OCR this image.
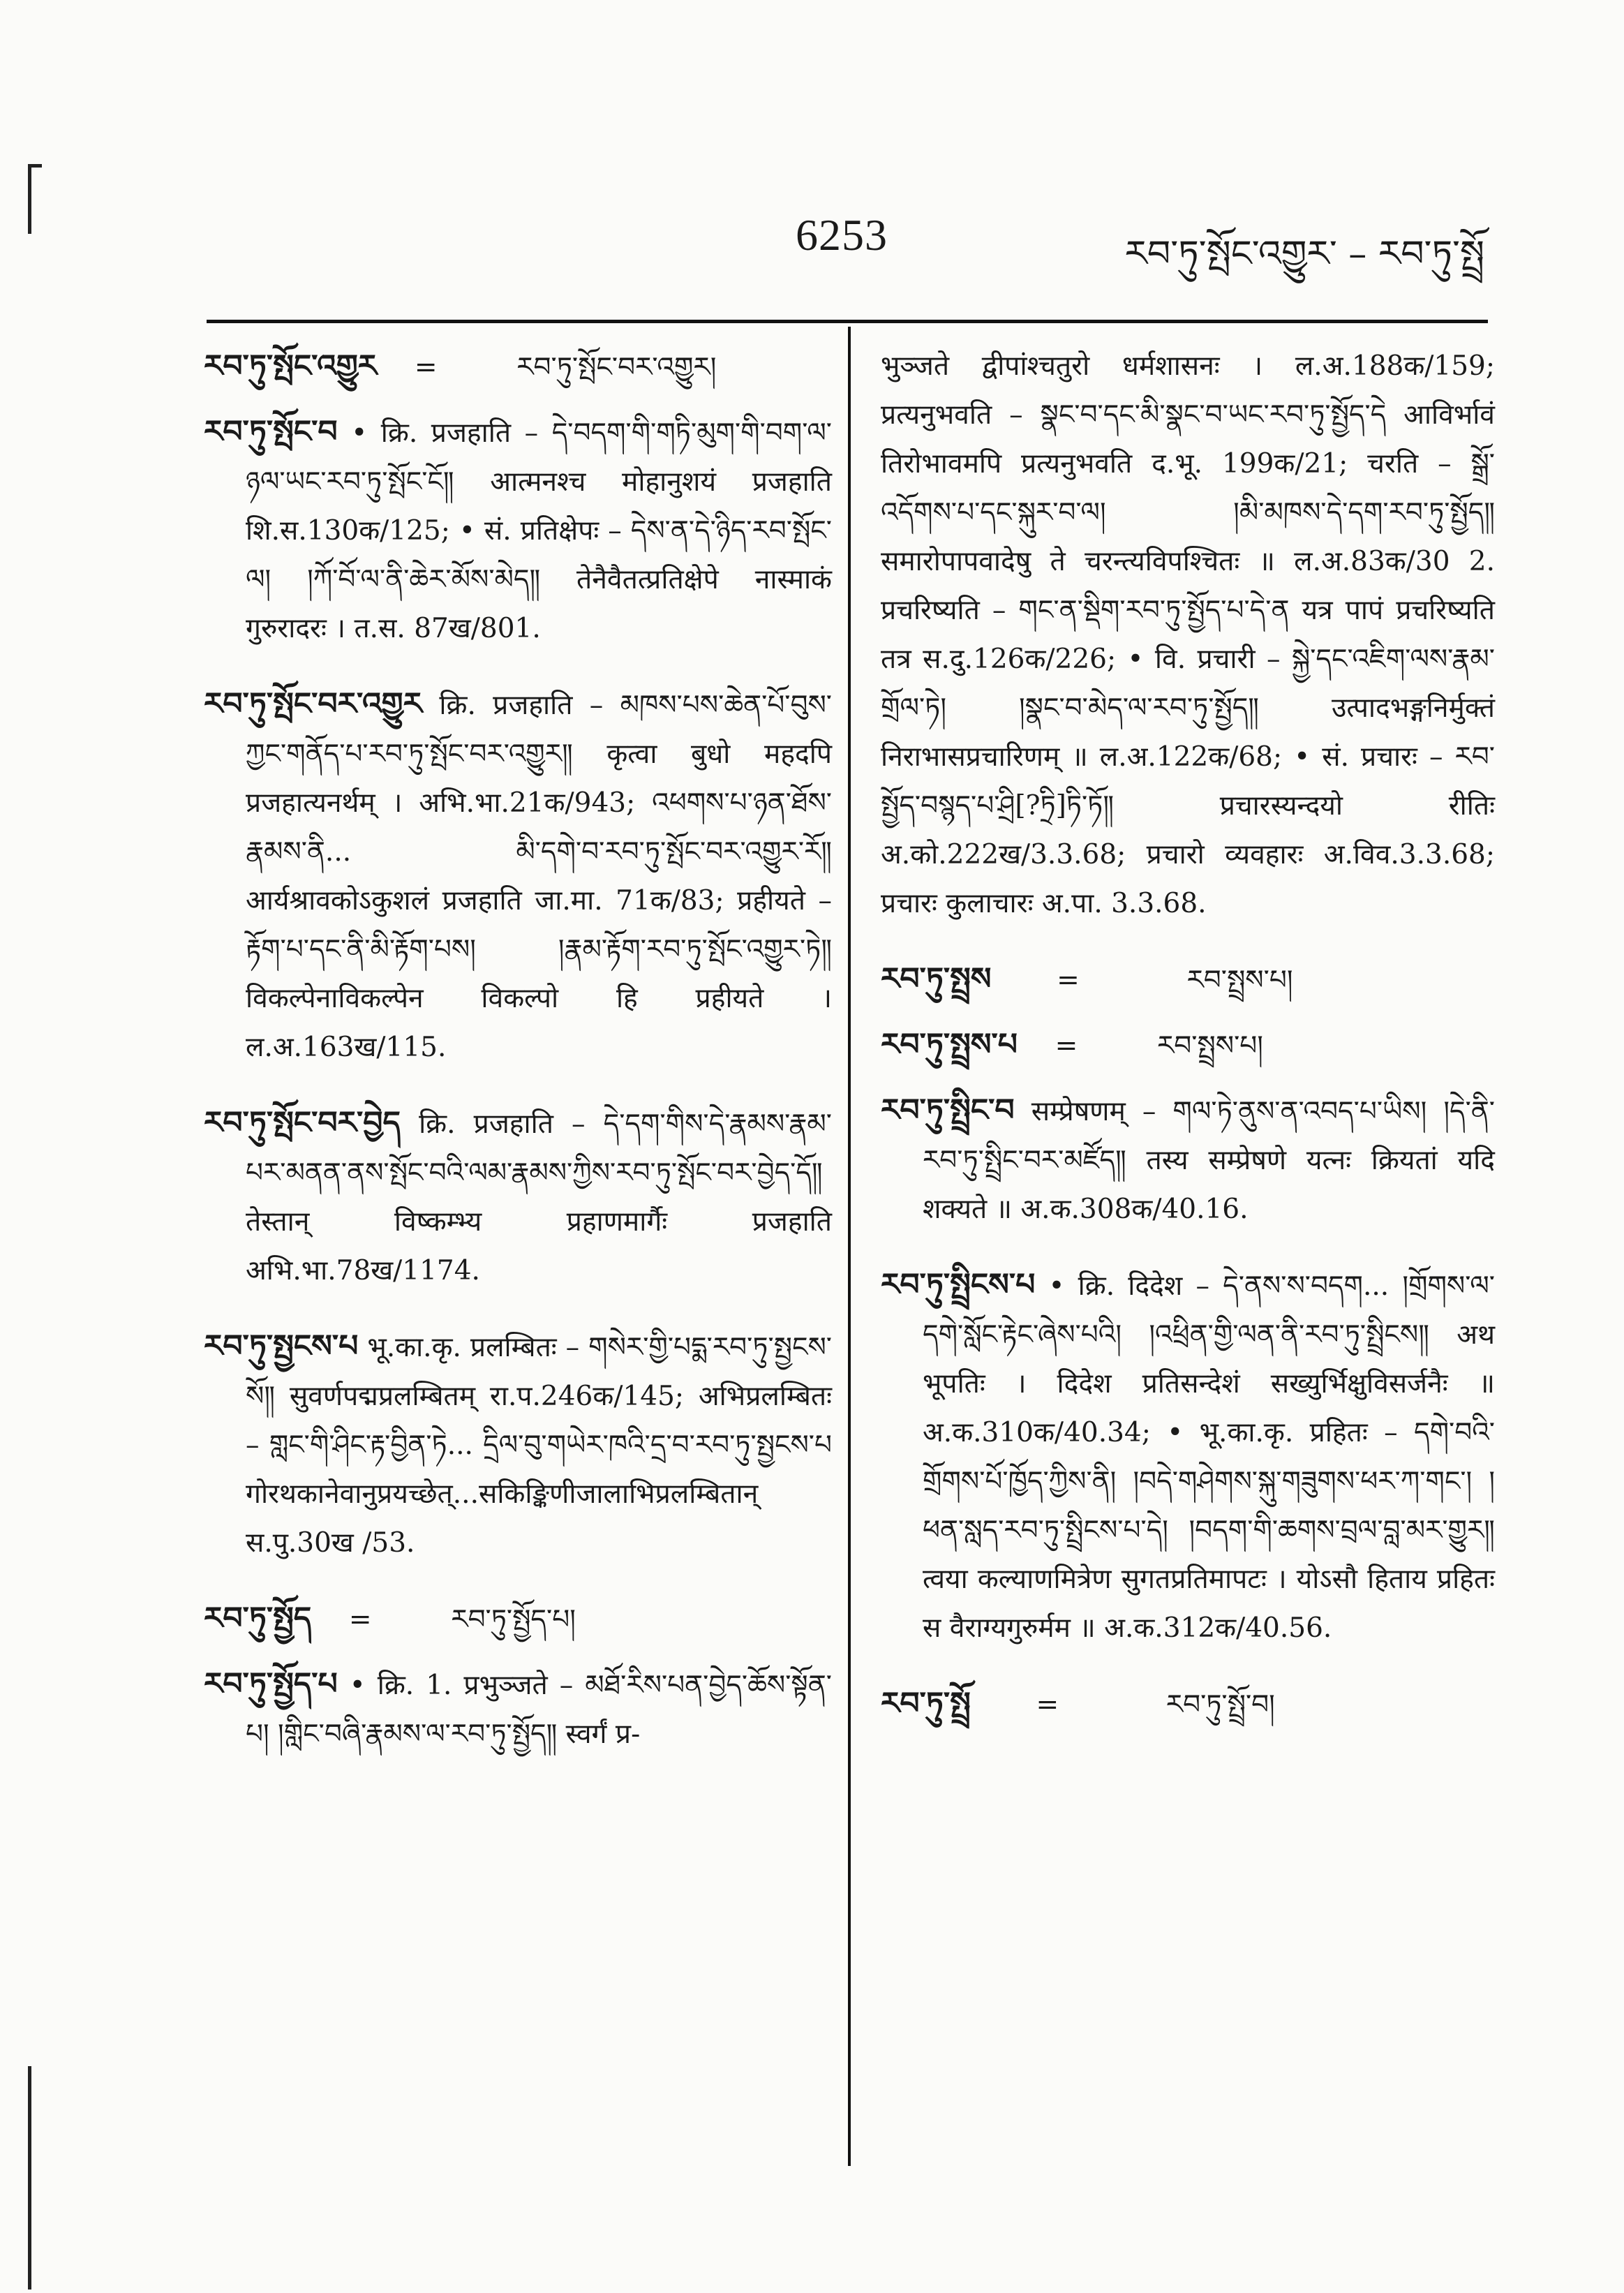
6253	རབ་ཏུ་སྤོང་འགྱུར་ – རབ་ཏུ་སྤྲོ

རབ་ཏུ་སྤོང་འགྱུར =	རབ་ཏུ་སྤོང་བར་འགྱུར།

རབ་ཏུ་སྤོང་བ • क्रि. प्रजहाति – དེ་བདག་གི་གཏི་མུག་གི་བག་ལ་ཉལ་ཡང་རབ་ཏུ་སྤོང་ངོ༎ आत्मनश्च मोहानुशयं प्रजहाति शि.स.130क/125; • सं. प्रतिक्षेपः – དེས་ན་དེ་ཉིད་རབ་སྤོང་ལ། །ཀོ་བོ་ལ་ནི་ཆེར་མོས་མེད༎ तेनैवैतत्प्रतिक्षेपे नास्माकं गुरुरादरः । त.स. 87ख/801.

རབ་ཏུ་སྤོང་བར་འགྱུར क्रि. प्रजहाति – མཁས་པས་ཆེན་པོ་བུས་ཀྱང་གནོད་པ་རབ་ཏུ་སྤོང་བར་འགྱུར༎ कृत्वा बुधो महदपि प्रजहात्यनर्थम् । अभि.भा.21क/943; འཕགས་པ་ཉན་ཐོས་རྣམས་ནི... མི་དགེ་བ་རབ་ཏུ་སྤོང་བར་འགྱུར་རོ༎ आर्यश्रावकोऽकुशलं प्रजहाति जा.मा. 71क/83; प्रहीयते – རྟོག་པ་དང་ནི་མི་རྟོག་པས། །རྣམ་རྟོག་རབ་ཏུ་སྤོང་འགྱུར་ཏེ༎ विकल्पेनाविकल्पेन विकल्पो हि प्रहीयते । ल.अ.163ख/115.

རབ་ཏུ་སྤོང་བར་བྱེད क्रि. प्रजहाति – དེ་དག་གིས་དེ་རྣམས་རྣམ་པར་མནན་ནས་སྤོང་བའི་ལམ་རྣམས་ཀྱིས་རབ་ཏུ་སྤོང་བར་བྱེད་དོ༎ तेस्तान् विष्कम्भ्य प्रहाणमार्गैः प्रजहाति अभि.भा.78ख/1174.

རབ་ཏུ་སྤྱངས་པ भू.का.कृ. प्रलम्बितः – གསེར་གྱི་པདྨ་རབ་ཏུ་སྤྱངས་སོ༎ सुवर्णपद्मप्रलम्बितम् रा.प.246क/145; अभिप्रलम्बितः – གླང་གི་ཤིང་རྟ་བྱིན་ཏེ... དྲིལ་བུ་གཡེར་ཁའི་དྲ་བ་རབ་ཏུ་སྤྱངས་པ गोरथकानेवानुप्रयच्छेत्...सकिङ्किणीजालाभिप्रलम्बितान् स.पु.30ख /53.

རབ་ཏུ་སྤྱོད =	རབ་ཏུ་སྤྱོད་པ།

རབ་ཏུ་སྤྱོད་པ • क्रि. 1. प्रभुञ्जते – མཐོ་རིས་པན་བྱེད་ཆོས་སྟོན་པ། །གླིང་བཞི་རྣམས་ལ་རབ་ཏུ་སྤྱོད༎ स्वर्गं प्र-

भुञ्जते द्वीपांश्चतुरो धर्मशासनः । ल.अ.188क/159; प्रत्यनुभवति – སྣང་བ་དང་མི་སྣང་བ་ཡང་རབ་ཏུ་སྤྱོད་དེ आविर्भावं तिरोभावमपि प्रत्यनुभवति द.भू. 199क/21; चरति – སྒྲོ་འདོགས་པ་དང་སྐུར་བ་ལ། །མི་མཁས་དེ་དག་རབ་ཏུ་སྤྱོད༎ समारोपापवादेषु ते चरन्त्यविपश्चितः ॥ ल.अ.83क/30 2. प्रचरिष्यति – གང་ན་སྡིག་རབ་ཏུ་སྤྱོད་པ་དེ་ན यत्र पापं प्रचरिष्यति तत्र स.दु.126क/226; • वि. प्रचारी – སྐྱེ་དང་འཇིག་ལས་རྣམ་གྲོལ་ཏེ། །སྣང་བ་མེད་ལ་རབ་ཏུ་སྤྱོད༎ उत्पादभङ्गनिर्मुक्तं निराभासप्रचारिणम् ॥ ल.अ.122क/68; • सं. प्रचारः – རབ་སྤྱོད་བསྙད་པ་ཤྲི[?ཏྲི]ཏི་ཏོ༎ प्रचारस्यन्दयो रीतिः अ.को.222ख/3.3.68; प्रचारो व्यवहारः अ.विव.3.3.68; प्रचारः कुलाचारः अ.पा. 3.3.68.

རབ་ཏུ་སྤྲས =	རབ་སྤྲས་པ།

རབ་ཏུ་སྤྲས་པ =	རབ་སྤྲས་པ།

རབ་ཏུ་སྤྲིང་བ सम्प्रेषणम् – གལ་ཏེ་ནུས་ན་འབད་པ་ཡིས། །དེ་ནི་རབ་ཏུ་སྤྲིང་བར་མཛོད༎ तस्य सम्प्रेषणे यत्नः क्रियतां यदि शक्यते ॥ अ.क.308क/40.16.

རབ་ཏུ་སྤྲིངས་པ • क्रि. दिदेश – དེ་ནས་ས་བདག... །གྲོགས་ལ་དགེ་སློང་རྟེང་ཞེས་པའི། །འཕྲིན་གྱི་ལན་ནི་རབ་ཏུ་སྤྲིངས༎ अथ भूपतिः । दिदेश प्रतिसन्देशं सख्युर्भिक्षुविसर्जनैः ॥ अ.क.310क/40.34; • भू.का.कृ. प्रहितः – དགེ་བའི་གྲོགས་པོ་ཁྱོད་ཀྱིས་ནི། །བདེ་གཤེགས་སྐུ་གཟུགས་ཕར་ཀ་གང་། །ཕན་སླད་རབ་ཏུ་སྤྲིངས་པ་དེ། །བདག་གི་ཆགས་བྲལ་བླ་མར་གྱུར༎ त्वया कल्याणमित्रेण सुगतप्रतिमापटः । योऽसौ हिताय प्रहितः स वैराग्यगुरुर्मम ॥ अ.क.312क/40.56.

རབ་ཏུ་སྤྲོ =	རབ་ཏུ་སྤྲོ་བ།
